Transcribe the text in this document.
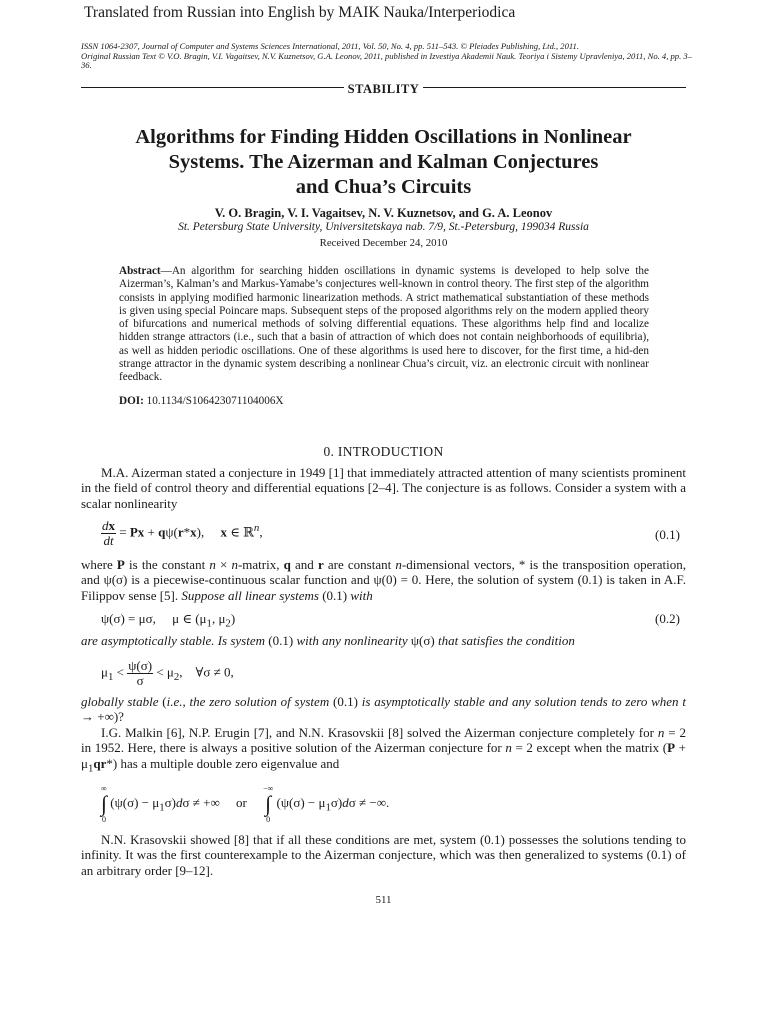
Translated from Russian into English by MAIK Nauka/Interperiodica
ISSN 1064-2307, Journal of Computer and Systems Sciences International, 2011, Vol. 50, No. 4, pp. 511–543. © Pleiades Publishing, Ltd., 2011.
Original Russian Text © V.O. Bragin, V.I. Vagaitsev, N.V. Kuznetsov, G.A. Leonov, 2011, published in Izvestiya Akademii Nauk. Teoriya i Sistemy Upravleniya, 2011, No. 4, pp. 3–36.
STABILITY
Algorithms for Finding Hidden Oscillations in Nonlinear
Systems. The Aizerman and Kalman Conjectures
and Chua’s Circuits
V. O. Bragin, V. I. Vagaitsev, N. V. Kuznetsov, and G. A. Leonov
St. Petersburg State University, Universitetskaya nab. 7/9, St.-Petersburg, 199034 Russia
Received December 24, 2010
Abstract—An algorithm for searching hidden oscillations in dynamic systems is developed to help solve the Aizerman’s, Kalman’s and Markus-Yamabe’s conjectures well-known in control theory. The first step of the algorithm consists in applying modified harmonic linearization methods. A strict mathematical substantiation of these methods is given using special Poincare maps. Subsequent steps of the proposed algorithms rely on the modern applied theory of bifurcations and numerical methods of solving differential equations. These algorithms help find and localize hidden strange attractors (i.e., such that a basin of attraction of which does not contain neighborhoods of equilibria), as well as hidden periodic oscillations. One of these algorithms is used here to discover, for the first time, a hid-den strange attractor in the dynamic system describing a nonlinear Chua’s circuit, viz. an electronic circuit with nonlinear feedback.
DOI: 10.1134/S106423071104006X
0. INTRODUCTION
M.A. Aizerman stated a conjecture in 1949 [1] that immediately attracted attention of many scientists prominent in the field of control theory and differential equations [2–4]. The conjecture is as follows. Consider a system with a scalar nonlinearity
$\frac{dx}{dt} = Px + q\psi(r*x)$,     x ∈ ℝ$^n$,	(0.1)
where P is the constant n × n-matrix, q and r are constant n-dimensional vectors, * is the transposition operation, and ψ(σ) is a piecewise-continuous scalar function and ψ(0) = 0. Here, the solution of system (0.1) is taken in A.F. Filippov sense [5]. Suppose all linear systems (0.1) with
ψ(σ) = μσ,     μ ∈ ($\mu_1$, $\mu_2$)	(0.2)
are asymptotically stable. Is system (0.1) with any nonlinearity ψ(σ) that satisfies the condition
$\mu_1 < \frac{\psi(\sigma)}{\sigma} < \mu_2$,    ∀σ ≠ 0,
globally stable (i.e., the zero solution of system (0.1) is asymptotically stable and any solution tends to zero when t → +∞)?
I.G. Malkin [6], N.P. Erugin [7], and N.N. Krasovskii [8] solved the Aizerman conjecture completely for n = 2 in 1952. Here, there is always a positive solution of the Aizerman conjecture for n = 2 except when the matrix $(P + \mu_1qr*)$ has a multiple double zero eigenvalue and
∞
∫
0
$(\psi(\sigma) - \mu_1\sigma)d\sigma$ ≠ +∞     or
−∞
∫
0
$(\psi(\sigma) - \mu_1\sigma)d\sigma$ ≠ −∞.
N.N. Krasovskii showed [8] that if all these conditions are met, system (0.1) possesses the solutions tending to infinity. It was the first counterexample to the Aizerman conjecture, which was then generalized to systems (0.1) of an arbitrary order [9–12].
511
